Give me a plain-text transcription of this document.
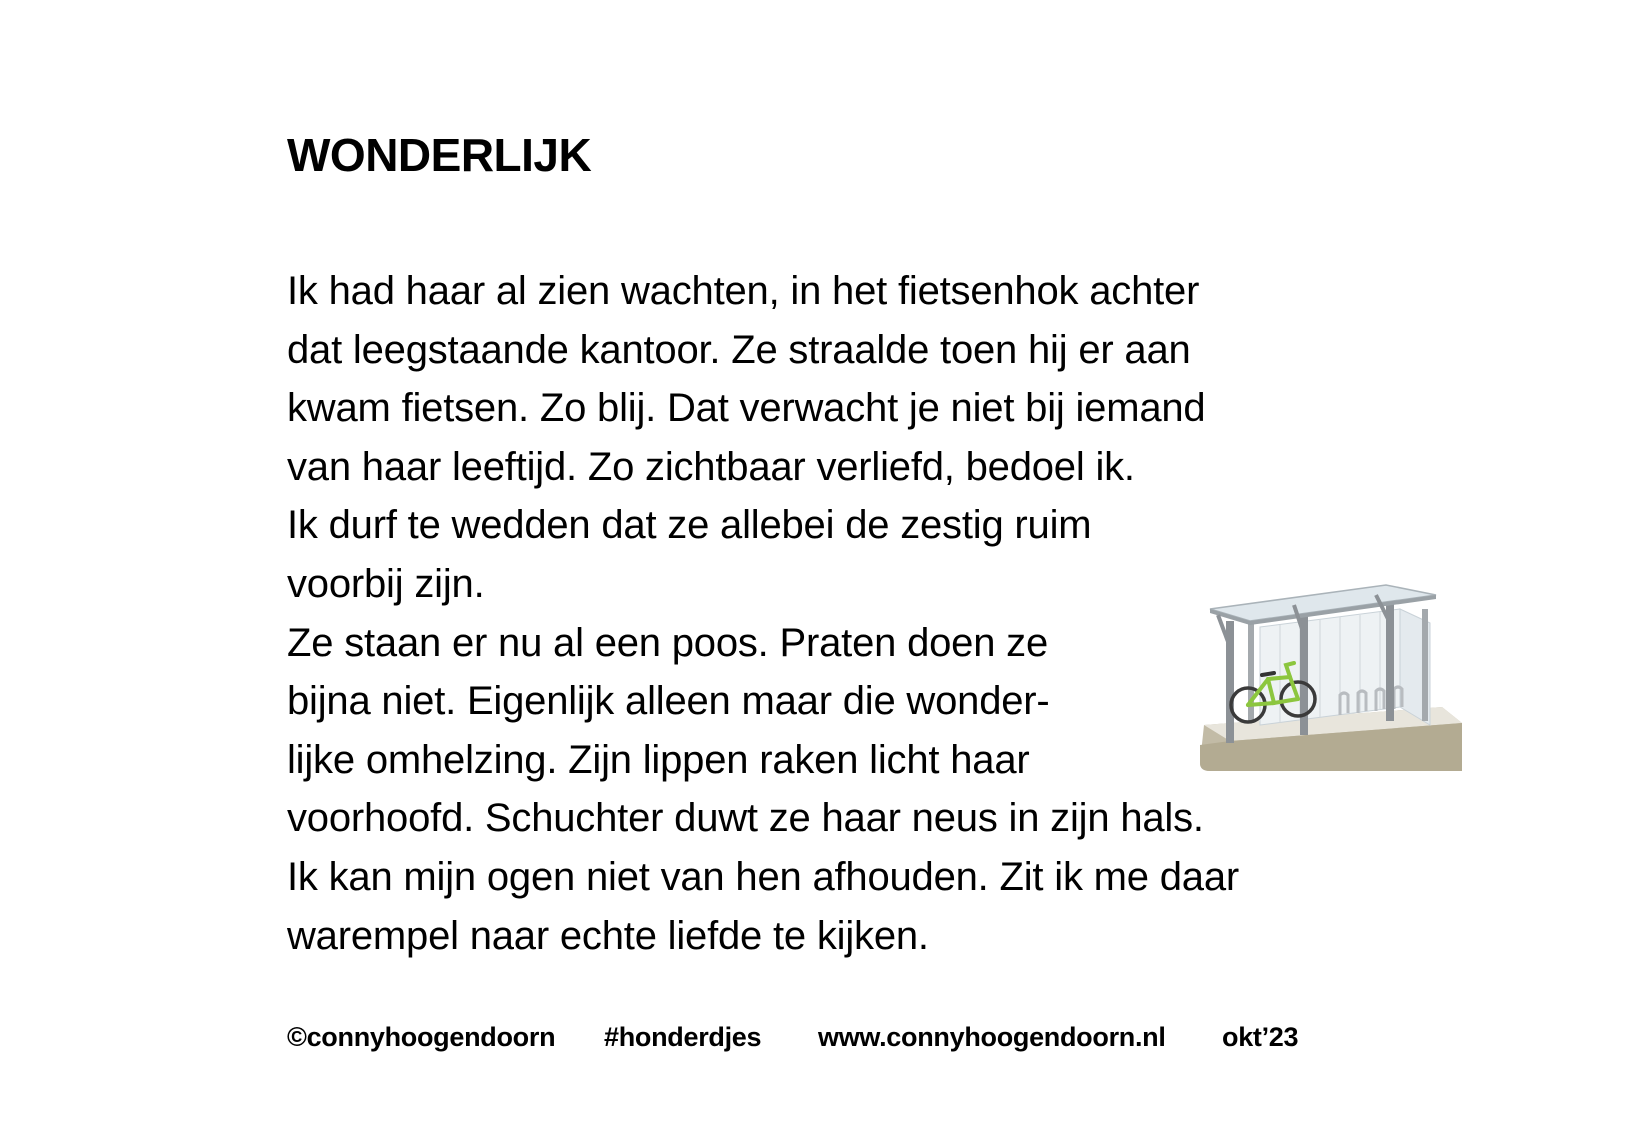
WONDERLIJK
Ik had haar al zien wachten, in het fietsenhok achter
dat leegstaande kantoor. Ze straalde toen hij er aan
kwam fietsen. Zo blij. Dat verwacht je niet bij iemand
van haar leeftijd. Zo zichtbaar verliefd, bedoel ik.
Ik durf te wedden dat ze allebei de zestig ruim
voorbij zijn.
Ze staan er nu al een poos. Praten doen ze
bijna niet. Eigenlijk alleen maar die wonder-
lijke omhelzing. Zijn lippen raken licht haar
voorhoofd. Schuchter duwt ze haar neus in zijn hals.
Ik kan mijn ogen niet van hen afhouden. Zit ik me daar
warempel naar echte liefde te kijken.
©connyhoogendoorn #honderdjes www.connyhoogendoorn.nl okt’23
